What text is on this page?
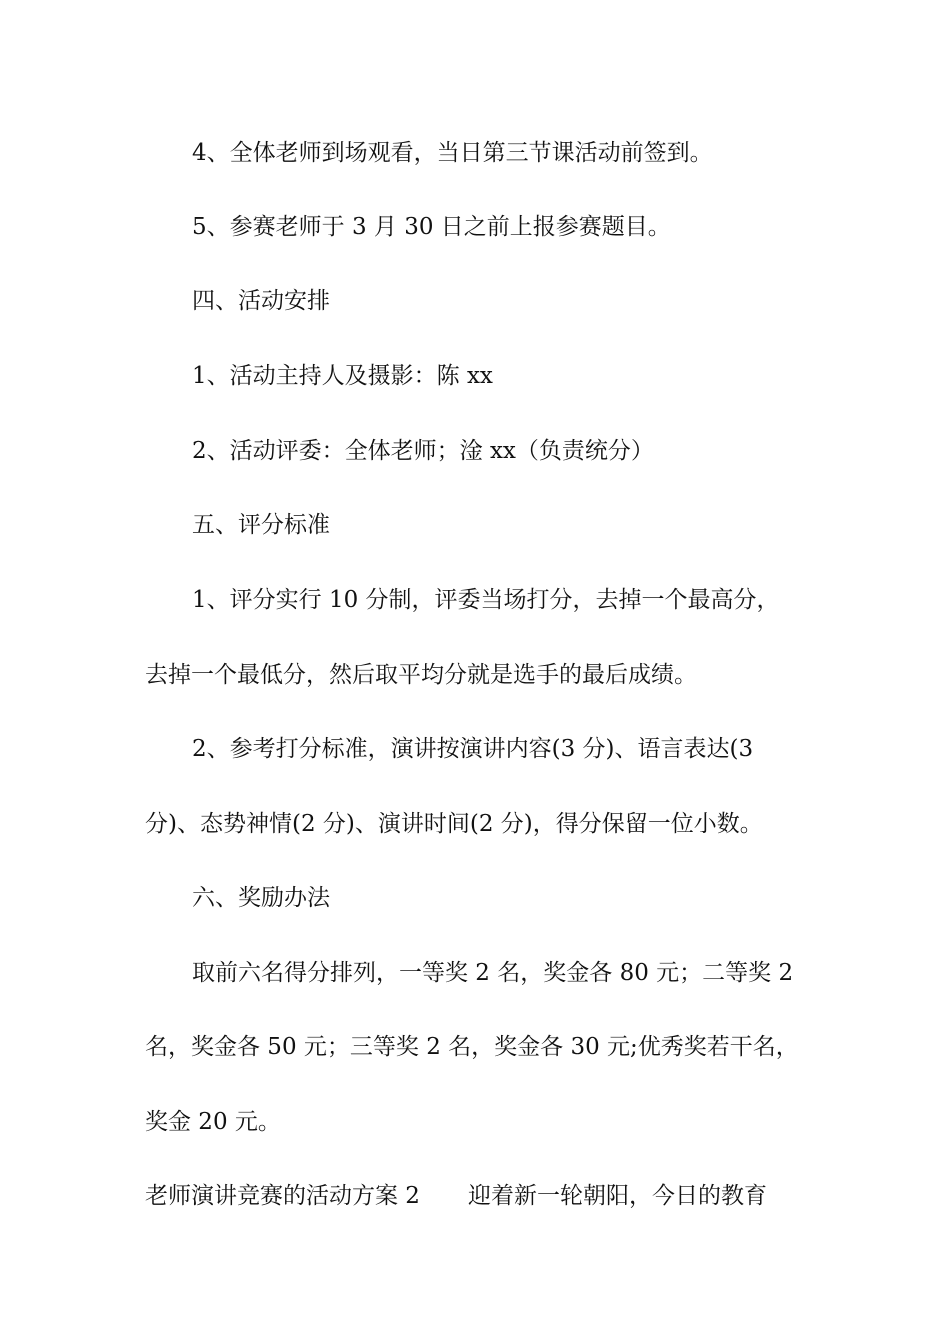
4、全体老师到场观看，当日第三节课活动前签到。
5、参赛老师于 3 月 30 日之前上报参赛题目。
四、活动安排
1、活动主持人及摄影：陈 xx
2、活动评委：全体老师；淦 xx（负责统分）
五、评分标准
1、评分实行 10 分制，评委当场打分，去掉一个最高分，
去掉一个最低分，然后取平均分就是选手的最后成绩。
2、参考打分标准，演讲按演讲内容(3 分)、语言表达(3
分)、态势神情(2 分)、演讲时间(2 分)，得分保留一位小数。
六、奖励办法
取前六名得分排列，一等奖 2 名，奖金各 80 元；二等奖 2
名，奖金各 50 元；三等奖 2 名，奖金各 30 元;优秀奖若干名，
奖金 20 元。
老师演讲竞赛的活动方案 2 迎着新一轮朝阳，今日的教育
